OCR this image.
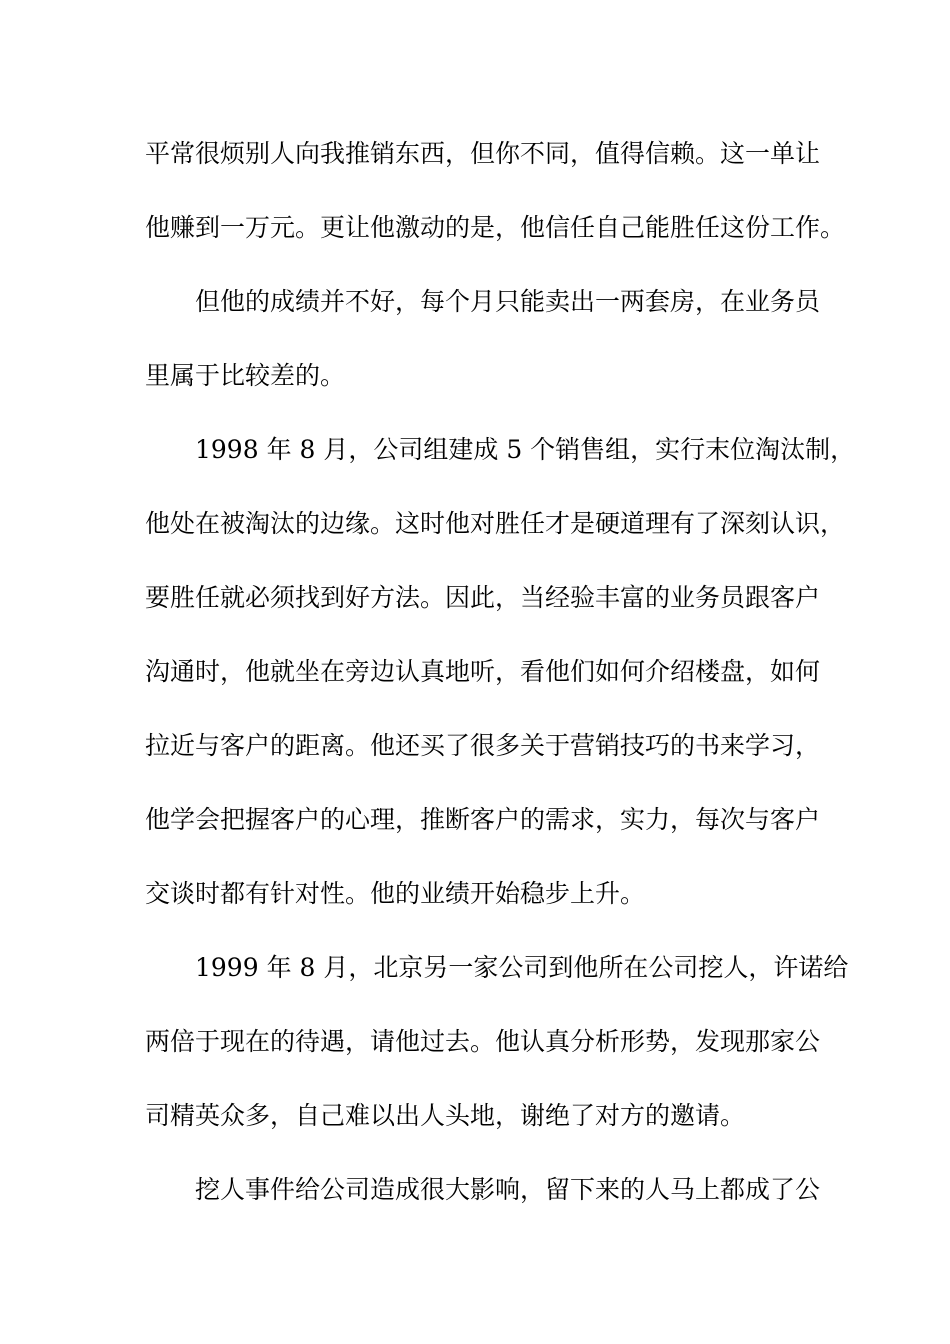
平常很烦别人向我推销东西，但你不同，值得信赖。这一单让
他赚到一万元。更让他激动的是，他信任自己能胜任这份工作。
但他的成绩并不好，每个月只能卖出一两套房，在业务员
里属于比较差的。
1998 年 8 月，公司组建成 5 个销售组，实行末位淘汰制，
他处在被淘汰的边缘。这时他对胜任才是硬道理有了深刻认识，
要胜任就必须找到好方法。因此，当经验丰富的业务员跟客户
沟通时，他就坐在旁边认真地听，看他们如何介绍楼盘，如何
拉近与客户的距离。他还买了很多关于营销技巧的书来学习，
他学会把握客户的心理，推断客户的需求，实力，每次与客户
交谈时都有针对性。他的业绩开始稳步上升。
1999 年 8 月，北京另一家公司到他所在公司挖人，许诺给
两倍于现在的待遇，请他过去。他认真分析形势，发现那家公
司精英众多，自己难以出人头地，谢绝了对方的邀请。
挖人事件给公司造成很大影响，留下来的人马上都成了公
